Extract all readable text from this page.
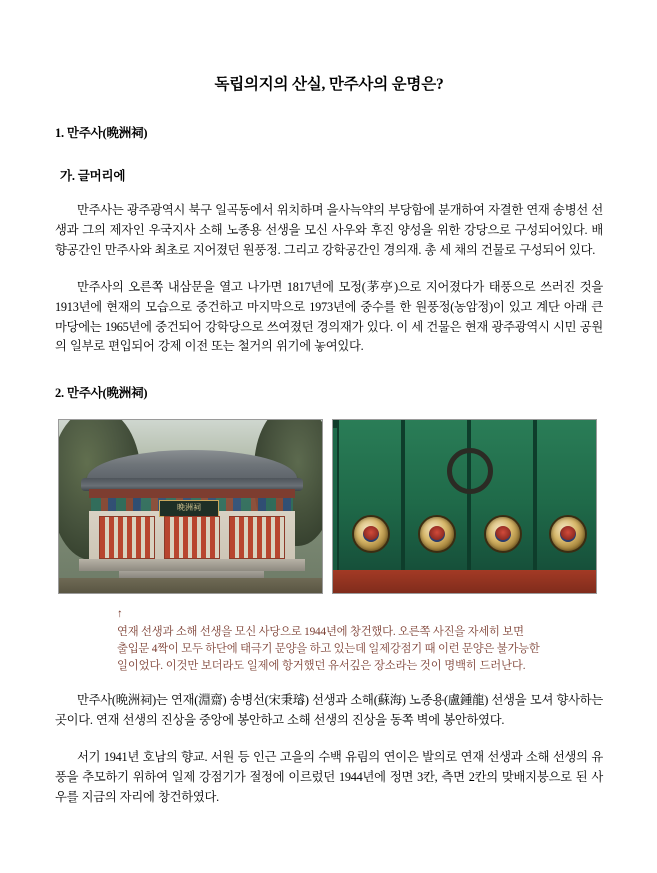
독립의지의 산실, 만주사의 운명은?
1. 만주사(晩洲祠)
가. 글머리에
만주사는 광주광역시 북구 일곡동에서 위치하며 을사늑약의 부당함에 분개하여 자결한 연재 송병선 선생과 그의 제자인 우국지사 소해 노종용 선생을 모신 사우와 후진 양성을 위한 강당으로 구성되어있다. 배향공간인 만주사와 최초로 지어졌던 원풍정. 그리고 강학공간인 경의재. 총 세 채의 건물로 구성되어 있다.
만주사의 오른쪽 내삼문을 열고 나가면 1817년에 모정(茅亭)으로 지어졌다가 태풍으로 쓰러진 것을 1913년에 현재의 모습으로 중건하고 마지막으로 1973년에 중수를 한 원풍정(농암정)이 있고 계단 아래 큰 마당에는 1965년에 중건되어 강학당으로 쓰여졌던 경의재가 있다. 이 세 건물은 현재 광주광역시 시민 공원의 일부로 편입되어 강제 이전 또는 철거의 위기에 놓여있다.
2. 만주사(晩洲祠)
晩洲祠
↑
연재 선생과 소해 선생을 모신 사당으로 1944년에 창건했다. 오른쪽 사진을 자세히 보면
출입문 4짝이 모두 하단에 태극기 문양을 하고 있는데 일제강점기 때 이런 문양은 불가능한
일이었다. 이것만 보더라도 일제에 항거했던 유서깊은 장소라는 것이 명백히 드러난다.
만주사(晩洲祠)는 연재(淵齋) 송병선(宋秉璿) 선생과 소해(蘇海) 노종용(盧鍾龍) 선생을 모셔 향사하는 곳이다. 연재 선생의 진상을 중앙에 봉안하고 소해 선생의 진상을 동쪽 벽에 봉안하였다.
서기 1941년 호남의 향교. 서원 등 인근 고을의 수백 유림의 연이은 발의로 연재 선생과 소해 선생의 유풍을 추모하기 위하여 일제 강점기가 절정에 이르렀던 1944년에 정면 3칸, 측면 2칸의 맞배지붕으로 된 사우를 지금의 자리에 창건하였다.
